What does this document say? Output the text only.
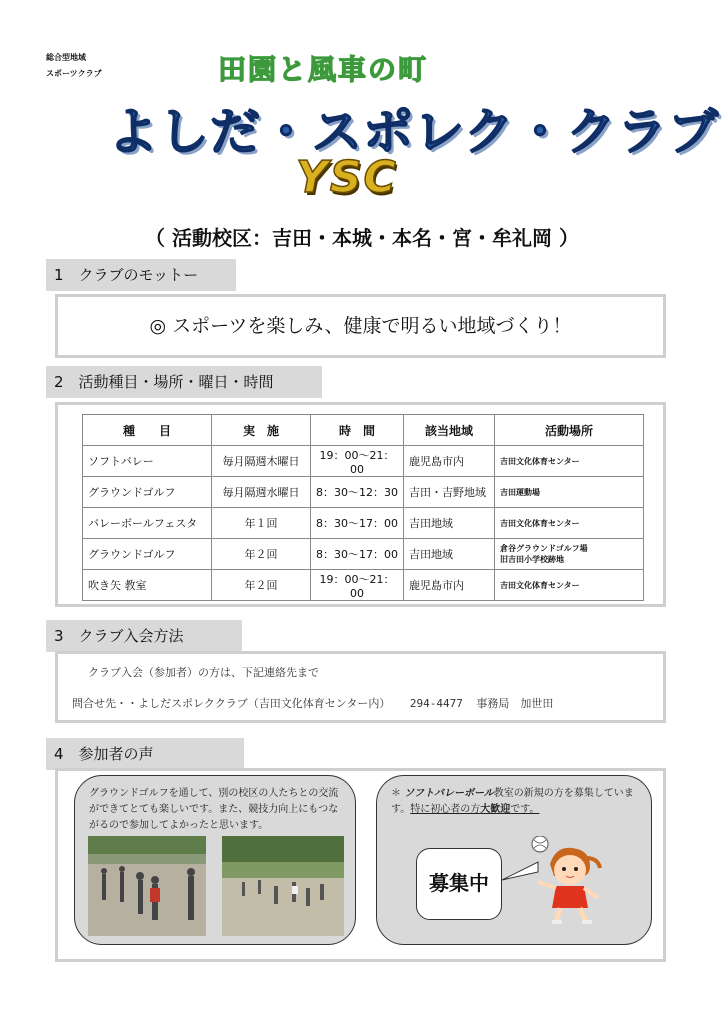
総合型地域
スポーツクラブ	田園と風車の町
よしだ・スポレク・クラブ
YSC
（ 活動校区：吉田・本城・本名・宮・牟礼岡 ）
1　クラブのモットー
◎ スポーツを楽しみ、健康で明るい地域づくり！
2　活動種目・場所・曜日・時間
種　　目	実　施	時　間	該当地域	活動場所
ソフトバレー	毎月隔週木曜日	19：00～21：00	鹿児島市内	吉田文化体育センター

グラウンドゴルフ	毎月隔週水曜日	8：30～12：30	吉田・吉野地域	吉田運動場

バレーボールフェスタ	年１回	8：30～17：00	吉田地域	吉田文化体育センター

グラウンドゴルフ	年２回	8：30～17：00	吉田地域	倉谷グラウンドゴルフ場
旧吉田小学校跡地

吹き矢 教室	年２回	19：00～21：00	鹿児島市内	吉田文化体育センター
3　クラブ入会方法
クラブ入会（参加者）の方は、下記連絡先まで
問合せ先・・よしだスポレククラブ（吉田文化体育センター内） 294-4477 事務局　加世田
4　参加者の声
グラウンドゴルフを通して、別の校区の人たちとの交流ができてとても楽しいです。また、競技力向上にもつながるので参加してよかったと思います。
＊ ソフトバレーボール教室の新規の方を募集しています。特に初心者の方大歓迎です。
募集中
